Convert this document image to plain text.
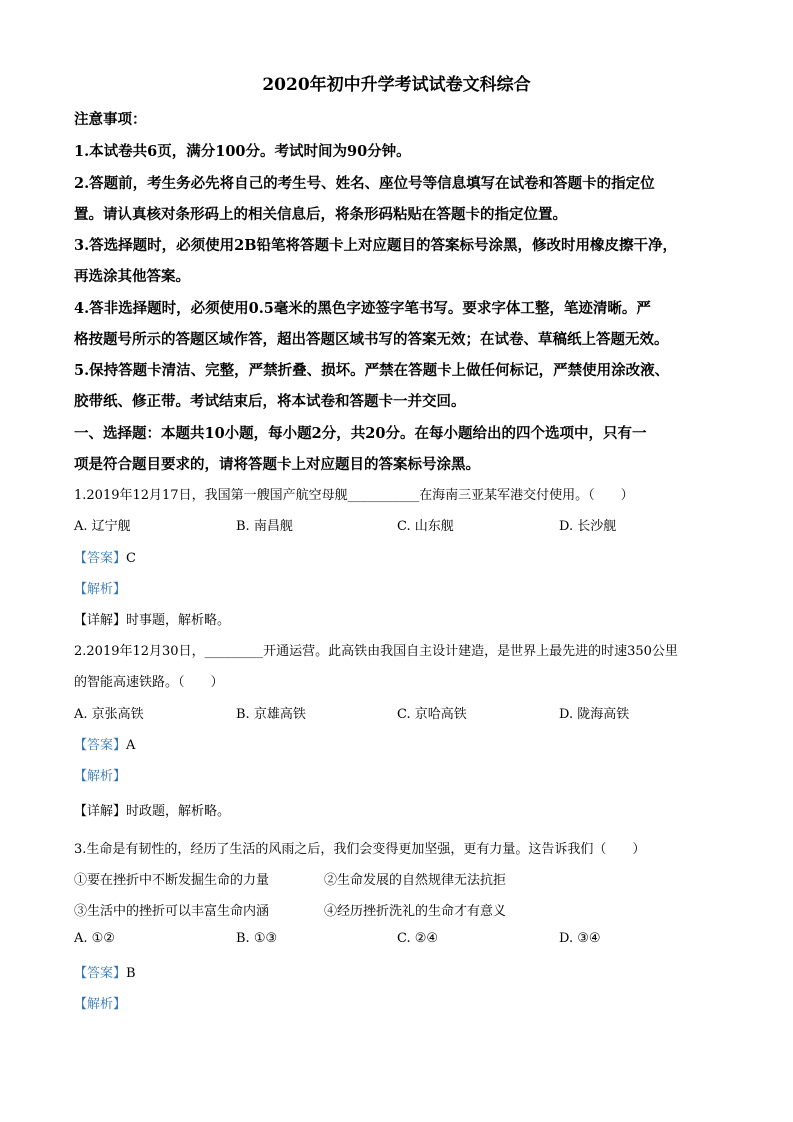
2020年初中升学考试试卷文科综合
注意事项：
1.本试卷共6页，满分100分。考试时间为90分钟。
2.答题前，考生务必先将自己的考生号、姓名、座位号等信息填写在试卷和答题卡的指定位
置。请认真核对条形码上的相关信息后，将条形码粘贴在答题卡的指定位置。
3.答选择题时，必须使用2B铅笔将答题卡上对应题目的答案标号涂黑，修改时用橡皮擦干净，
再选涂其他答案。
4.答非选择题时，必须使用0.5毫米的黑色字迹签字笔书写。要求字体工整，笔迹清晰。严
格按题号所示的答题区域作答，超出答题区域书写的答案无效；在试卷、草稿纸上答题无效。
5.保持答题卡清洁、完整，严禁折叠、损坏。严禁在答题卡上做任何标记，严禁使用涂改液、
胶带纸、修正带。考试结束后，将本试卷和答题卡一并交回。
一、选择题：本题共10小题，每小题2分，共20分。在每小题给出的四个选项中，只有一
项是符合题目要求的，请将答题卡上对应题目的答案标号涂黑。
1.2019年12月17日，我国第一艘国产航空母舰___________在海南三亚某军港交付使用。（　　）
A. 辽宁舰	B. 南昌舰	C. 山东舰	D. 长沙舰
【答案】C
【解析】
【详解】时事题，解析略。
2.2019年12月30日，_________开通运营。此高铁由我国自主设计建造，是世界上最先进的时速350公里
的智能高速铁路。（　　）
A. 京张高铁	B. 京雄高铁	C. 京哈高铁	D. 陇海高铁
【答案】A
【解析】
【详解】时政题，解析略。
3.生命是有韧性的，经历了生活的风雨之后，我们会变得更加坚强，更有力量。这告诉我们（　　）
①要在挫折中不断发掘生命的力量	②生命发展的自然规律无法抗拒
③生活中的挫折可以丰富生命内涵	④经历挫折洗礼的生命才有意义
A. ①②	B. ①③	C. ②④	D. ③④
【答案】B
【解析】
